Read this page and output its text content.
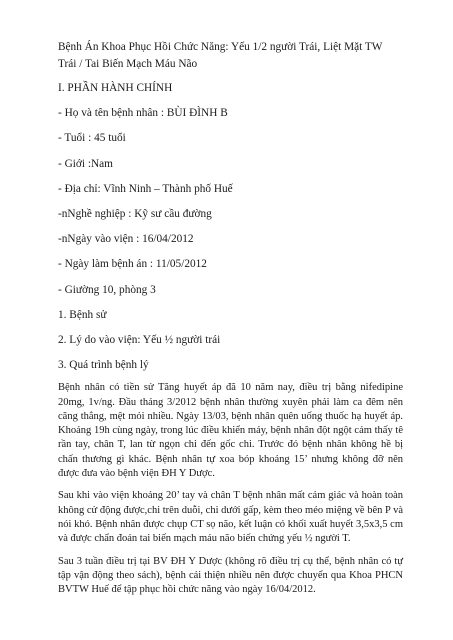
Bệnh Án Khoa Phục Hồi Chức Năng: Yếu 1/2 người Trái, Liệt Mặt TW Trái / Tai Biến Mạch Máu Não

I. PHẦN HÀNH CHÍNH
- Họ và tên bệnh nhân : BÙI ĐÌNH B
- Tuổi : 45 tuổi
- Giới :Nam
- Địa chỉ: Vĩnh Ninh – Thành phố Huế
-nNghề nghiệp : Kỹ sư cầu đường
-nNgày vào viện : 16/04/2012
- Ngày làm bệnh án : 11/05/2012
- Giường 10, phòng 3
1. Bệnh sử
2. Lý do vào viện: Yếu ½ người trái
3. Quá trình bệnh lý

Bệnh nhân có tiền sử Tăng huyết áp đã 10 năm nay, điều trị bằng nifedipine 20mg, 1v/ng. Đầu tháng 3/2012 bệnh nhân thường xuyên phải làm ca đêm nên căng thẳng, mệt mỏi nhiều. Ngày 13/03, bệnh nhân quên uống thuốc hạ huyết áp. Khoảng 19h cùng ngày, trong lúc điều khiển máy, bệnh nhân đột ngột cảm thấy tê rần tay, chân T, lan từ ngọn chi đến gốc chi. Trước đó bệnh nhân không hề bị chấn thương gì khác. Bệnh nhân tự xoa bóp khoảng 15’ nhưng không đỡ nên được đưa vào bệnh viện ĐH Y Dược.

Sau khi vào viện khoảng 20’ tay và chân T bệnh nhân mất cảm giác và hoàn toàn không cử động được,chi trên duỗi, chi dưới gấp, kèm theo méo miệng về bên P và nói khó. Bệnh nhân được chụp CT sọ não, kết luận có khối xuất huyết 3,5x3,5 cm và được chẩn đoán tai biến mạch máu não biến chứng yếu ½ người T.

Sau 3 tuần điều trị tại BV ĐH Y Dược (không rõ điều trị cụ thể, bệnh nhân có tự tập vận động theo sách), bệnh cải thiện nhiều nên được chuyển qua Khoa PHCN BVTW Huế để tập phục hồi chức năng vào ngày 16/04/2012.
